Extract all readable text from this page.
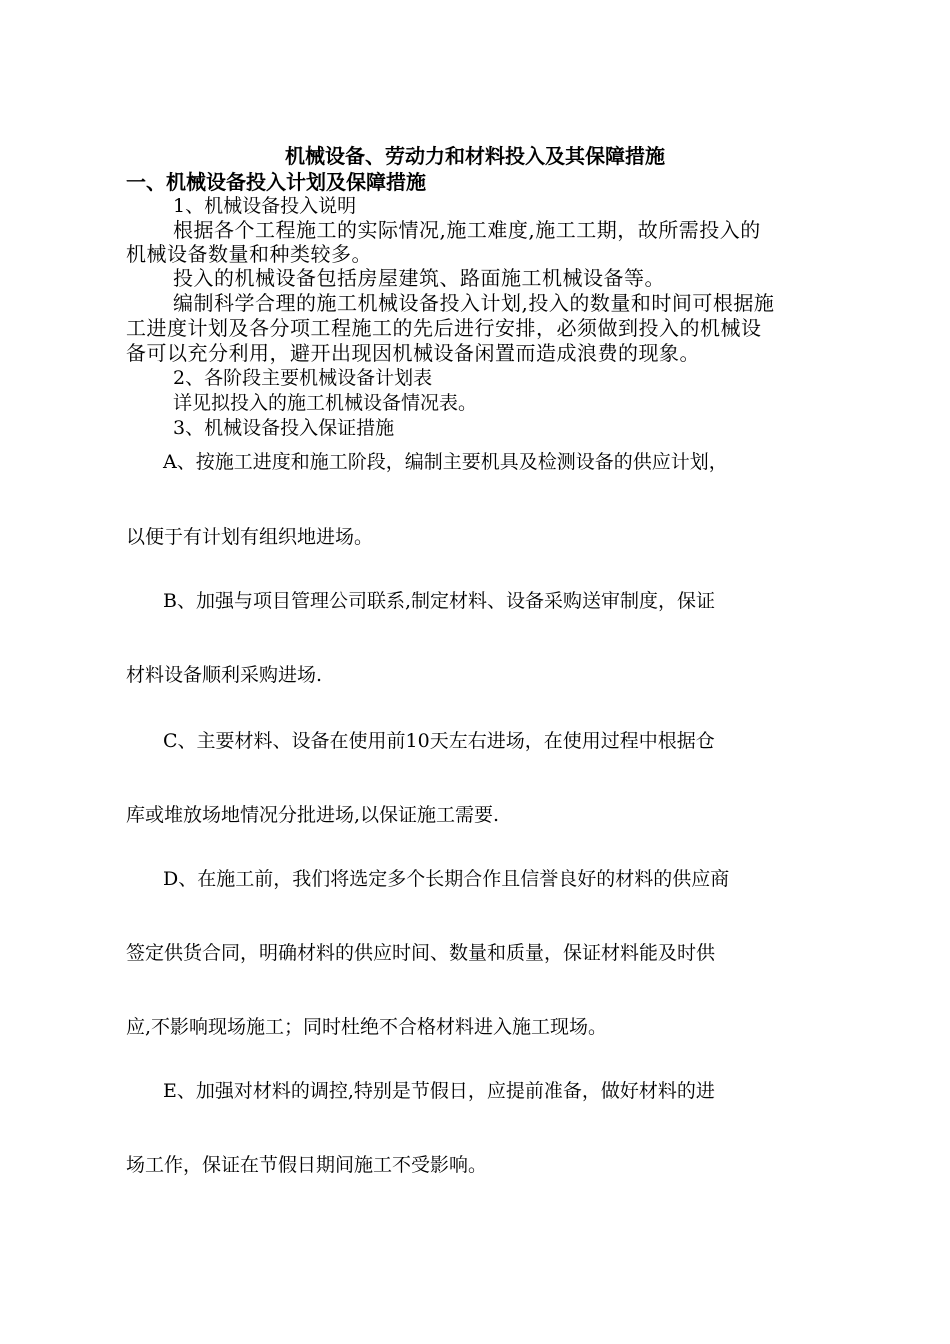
机械设备、劳动力和材料投入及其保障措施
一、机械设备投入计划及保障措施
1、机械设备投入说明
根据各个工程施工的实际情况,施工难度,施工工期，故所需投入的
机械设备数量和种类较多。
投入的机械设备包括房屋建筑、路面施工机械设备等。
编制科学合理的施工机械设备投入计划,投入的数量和时间可根据施
工进度计划及各分项工程施工的先后进行安排，必须做到投入的机械设
备可以充分利用，避开出现因机械设备闲置而造成浪费的现象。
2、各阶段主要机械设备计划表
详见拟投入的施工机械设备情况表。
3、机械设备投入保证措施
A、按施工进度和施工阶段，编制主要机具及检测设备的供应计划，
以便于有计划有组织地进场。
B、加强与项目管理公司联系,制定材料、设备采购送审制度，保证
材料设备顺利采购进场.
C、主要材料、设备在使用前10天左右进场，在使用过程中根据仓
库或堆放场地情况分批进场,以保证施工需要.
D、在施工前，我们将选定多个长期合作且信誉良好的材料的供应商
签定供货合同，明确材料的供应时间、数量和质量，保证材料能及时供
应,不影响现场施工；同时杜绝不合格材料进入施工现场。
E、加强对材料的调控,特别是节假日，应提前准备，做好材料的进
场工作，保证在节假日期间施工不受影响。
